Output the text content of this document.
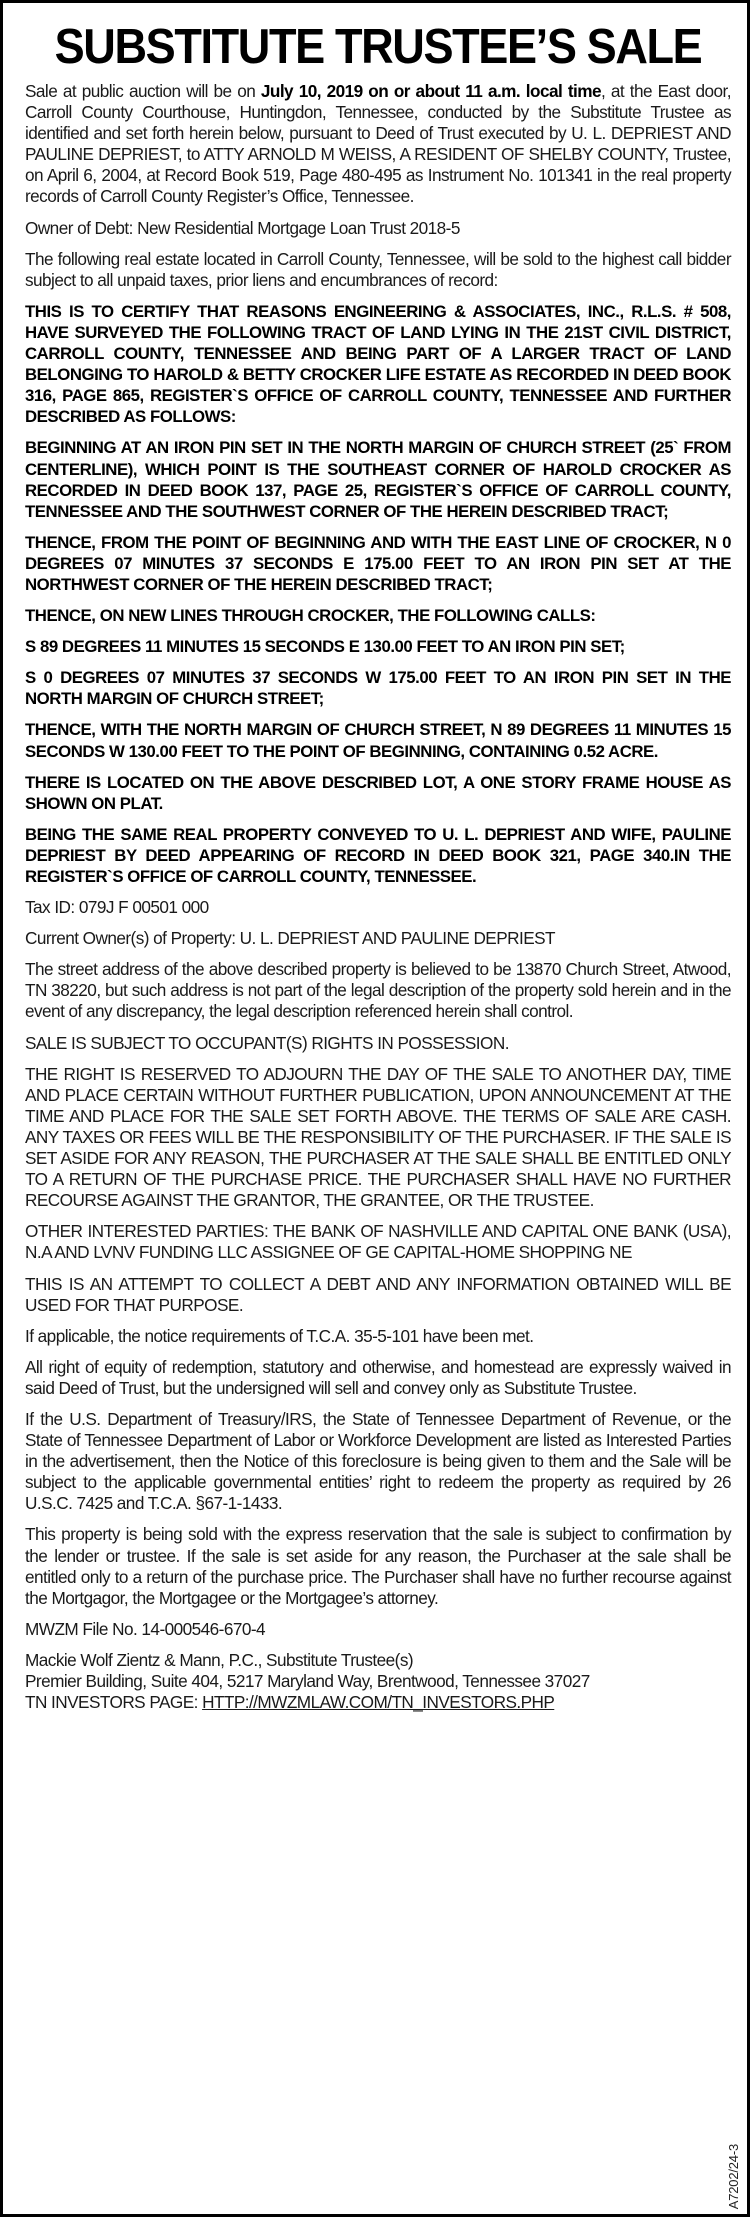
SUBSTITUTE TRUSTEE’S SALE

Sale at public auction will be on July 10, 2019 on or about 11 a.m. local time, at the East door, Carroll County Courthouse, Huntingdon, Tennessee, conducted by the Substitute Trustee as identified and set forth herein below, pursuant to Deed of Trust executed by U. L. DEPRIEST AND PAULINE DEPRIEST, to ATTY ARNOLD M WEISS, A RESIDENT OF SHELBY COUNTY, Trustee, on April 6, 2004, at Record Book 519, Page 480-495 as Instrument No. 101341 in the real property records of Carroll County Register’s Office, Tennessee.

Owner of Debt: New Residential Mortgage Loan Trust 2018-5

The following real estate located in Carroll County, Tennessee, will be sold to the highest call bidder subject to all unpaid taxes, prior liens and encumbrances of record:

THIS IS TO CERTIFY THAT REASONS ENGINEERING & ASSOCIATES, INC., R.L.S. # 508, HAVE SURVEYED THE FOLLOWING TRACT OF LAND LYING IN THE 21ST CIVIL DISTRICT, CARROLL COUNTY, TENNESSEE AND BEING PART OF A LARGER TRACT OF LAND BELONGING TO HAROLD & BETTY CROCKER LIFE ESTATE AS RECORDED IN DEED BOOK 316, PAGE 865, REGISTER`S OFFICE OF CARROLL COUNTY, TENNESSEE AND FURTHER DESCRIBED AS FOLLOWS:

BEGINNING AT AN IRON PIN SET IN THE NORTH MARGIN OF CHURCH STREET (25` FROM CENTERLINE), WHICH POINT IS THE SOUTHEAST CORNER OF HAROLD CROCKER AS RECORDED IN DEED BOOK 137, PAGE 25, REGISTER`S OFFICE OF CARROLL COUNTY, TENNESSEE AND THE SOUTHWEST CORNER OF THE HEREIN DESCRIBED TRACT;

THENCE, FROM THE POINT OF BEGINNING AND WITH THE EAST LINE OF CROCKER, N 0 DEGREES 07 MINUTES 37 SECONDS E 175.00 FEET TO AN IRON PIN SET AT THE NORTHWEST CORNER OF THE HEREIN DESCRIBED TRACT;

THENCE, ON NEW LINES THROUGH CROCKER, THE FOLLOWING CALLS:

S 89 DEGREES 11 MINUTES 15 SECONDS E 130.00 FEET TO AN IRON PIN SET;

S 0 DEGREES 07 MINUTES 37 SECONDS W 175.00 FEET TO AN IRON PIN SET IN THE NORTH MARGIN OF CHURCH STREET;

THENCE, WITH THE NORTH MARGIN OF CHURCH STREET, N 89 DEGREES 11 MINUTES 15 SECONDS W 130.00 FEET TO THE POINT OF BEGINNING, CONTAINING 0.52 ACRE.

THERE IS LOCATED ON THE ABOVE DESCRIBED LOT, A ONE STORY FRAME HOUSE AS SHOWN ON PLAT.

BEING THE SAME REAL PROPERTY CONVEYED TO U. L. DEPRIEST AND WIFE, PAULINE DEPRIEST BY DEED APPEARING OF RECORD IN DEED BOOK 321, PAGE 340.IN THE REGISTER`S OFFICE OF CARROLL COUNTY, TENNESSEE.

Tax ID: 079J F 00501 000

Current Owner(s) of Property: U. L. DEPRIEST AND PAULINE DEPRIEST

The street address of the above described property is believed to be 13870 Church Street, Atwood, TN 38220, but such address is not part of the legal description of the property sold herein and in the event of any discrepancy, the legal description referenced herein shall control.

SALE IS SUBJECT TO OCCUPANT(S) RIGHTS IN POSSESSION.

THE RIGHT IS RESERVED TO ADJOURN THE DAY OF THE SALE TO ANOTHER DAY, TIME AND PLACE CERTAIN WITHOUT FURTHER PUBLICATION, UPON ANNOUNCEMENT AT THE TIME AND PLACE FOR THE SALE SET FORTH ABOVE. THE TERMS OF SALE ARE CASH. ANY TAXES OR FEES WILL BE THE RESPONSIBILITY OF THE PURCHASER. IF THE SALE IS SET ASIDE FOR ANY REASON, THE PURCHASER AT THE SALE SHALL BE ENTITLED ONLY TO A RETURN OF THE PURCHASE PRICE. THE PURCHASER SHALL HAVE NO FURTHER RECOURSE AGAINST THE GRANTOR, THE GRANTEE, OR THE TRUSTEE.

OTHER INTERESTED PARTIES: THE BANK OF NASHVILLE AND CAPITAL ONE BANK (USA), N.A AND LVNV FUNDING LLC ASSIGNEE OF GE CAPITAL-HOME SHOPPING NE

THIS IS AN ATTEMPT TO COLLECT A DEBT AND ANY INFORMATION OBTAINED WILL BE USED FOR THAT PURPOSE.

If applicable, the notice requirements of T.C.A. 35-5-101 have been met.

All right of equity of redemption, statutory and otherwise, and homestead are expressly waived in said Deed of Trust, but the undersigned will sell and convey only as Substitute Trustee.

If the U.S. Department of Treasury/IRS, the State of Tennessee Department of Revenue, or the State of Tennessee Department of Labor or Workforce Development are listed as Interested Parties in the advertisement, then the Notice of this foreclosure is being given to them and the Sale will be subject to the applicable governmental entities’ right to redeem the property as required by 26 U.S.C. 7425 and T.C.A. §67-1-1433.

This property is being sold with the express reservation that the sale is subject to confirmation by the lender or trustee. If the sale is set aside for any reason, the Purchaser at the sale shall be entitled only to a return of the purchase price. The Purchaser shall have no further recourse against the Mortgagor, the Mortgagee or the Mortgagee’s attorney.

MWZM File No. 14-000546-670-4

Mackie Wolf Zientz & Mann, P.C., Substitute Trustee(s)

Premier Building, Suite 404, 5217 Maryland Way, Brentwood, Tennessee 37027

TN INVESTORS PAGE: HTTP://MWZMLAW.COM/TN_INVESTORS.PHP

A7202/24-3
